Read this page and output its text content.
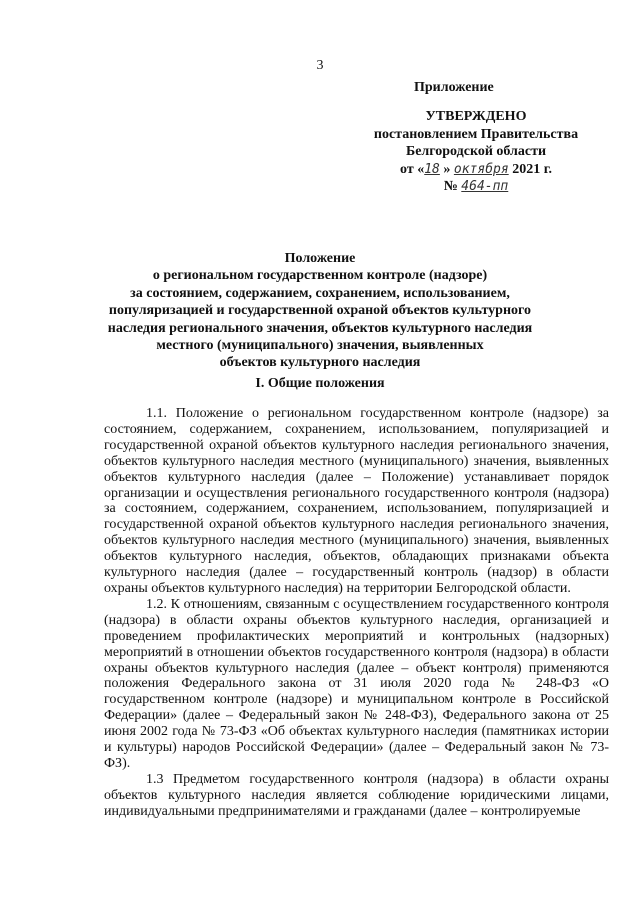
3
Приложение
УТВЕРЖДЕНО
постановлением Правительства
Белгородской области
от «18 » октября 2021 г.
№ 464-пп
Положение
о региональном государственном контроле (надзоре)
за состоянием, содержанием, сохранением, использованием,
популяризацией и государственной охраной объектов культурного
наследия регионального значения, объектов культурного наследия
местного (муниципального) значения, выявленных
объектов культурного наследия
I. Общие положения

1.1. Положение о региональном государственном контроле (надзоре) за состоянием, содержанием, сохранением, использованием, популяризацией и государственной охраной объектов культурного наследия регионального значения, объектов культурного наследия местного (муниципального) значения, выявленных объектов культурного наследия (далее – Положение) устанавливает порядок организации и осуществления регионального государственного контроля (надзора) за состоянием, содержанием, сохранением, использованием, популяризацией и государственной охраной объектов культурного наследия регионального значения, объектов культурного наследия местного (муниципального) значения, выявленных объектов культурного наследия, объектов, обладающих признаками объекта культурного наследия (далее – государственный контроль (надзор) в области охраны объектов культурного наследия) на территории Белгородской области.

1.2. К отношениям, связанным с осуществлением государственного контроля (надзора) в области охраны объектов культурного наследия, организацией и проведением профилактических мероприятий и контрольных (надзорных) мероприятий в отношении объектов государственного контроля (надзора) в области охраны объектов культурного наследия (далее – объект контроля) применяются положения Федерального закона от 31 июля 2020 года № 248-ФЗ «О государственном контроле (надзоре) и муниципальном контроле в Российской Федерации» (далее – Федеральный закон № 248-ФЗ), Федерального закона от 25 июня 2002 года № 73-ФЗ «Об объектах культурного наследия (памятниках истории и культуры) народов Российской Федерации» (далее – Федеральный закон № 73-ФЗ).

1.3 Предметом государственного контроля (надзора) в области охраны объектов культурного наследия является соблюдение юридическими лицами, индивидуальными предпринимателями и гражданами (далее – контролируемые
